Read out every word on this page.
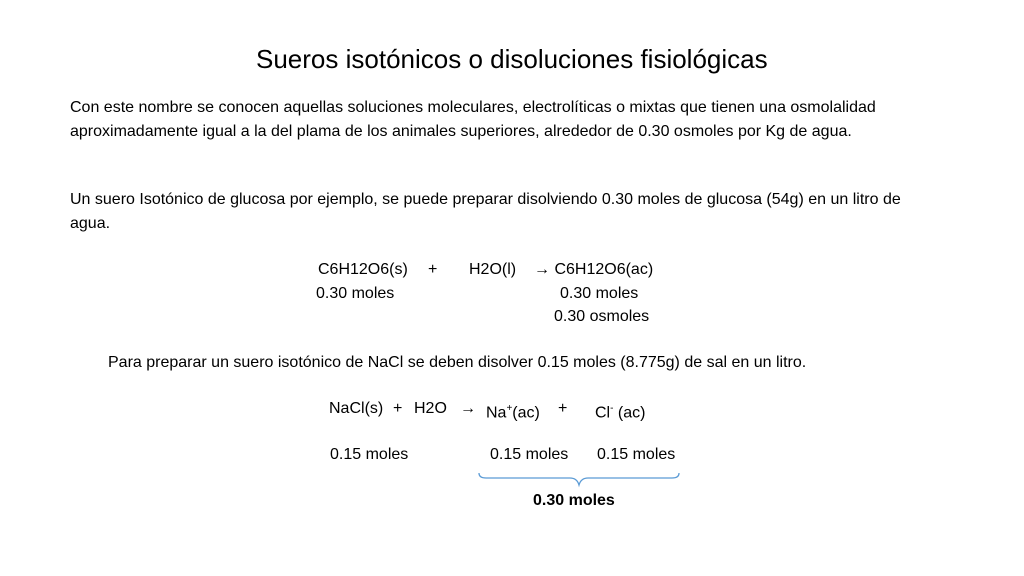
Sueros isotónicos o disoluciones fisiológicas
Con este nombre se conocen aquellas soluciones moleculares, electrolíticas o mixtas que tienen una osmolalidad aproximadamente igual a la del plama de los animales superiores, alrededor de 0.30 osmoles por Kg de agua.
Un suero Isotónico de glucosa por ejemplo, se puede preparar disolviendo 0.30 moles de glucosa (54g) en un litro de agua.
C6H12O6(s) + H2O(l) → C6H12O6(ac)
0.30 moles	0.30 moles
0.30 osmoles
Para preparar un suero isotónico de NaCl se deben disolver 0.15 moles (8.775g) de sal en un litro.
NaCl(s) + H2O → Na+(ac) + Cl- (ac)
0.15 moles	0.15 moles 0.15 moles
0.30 moles
